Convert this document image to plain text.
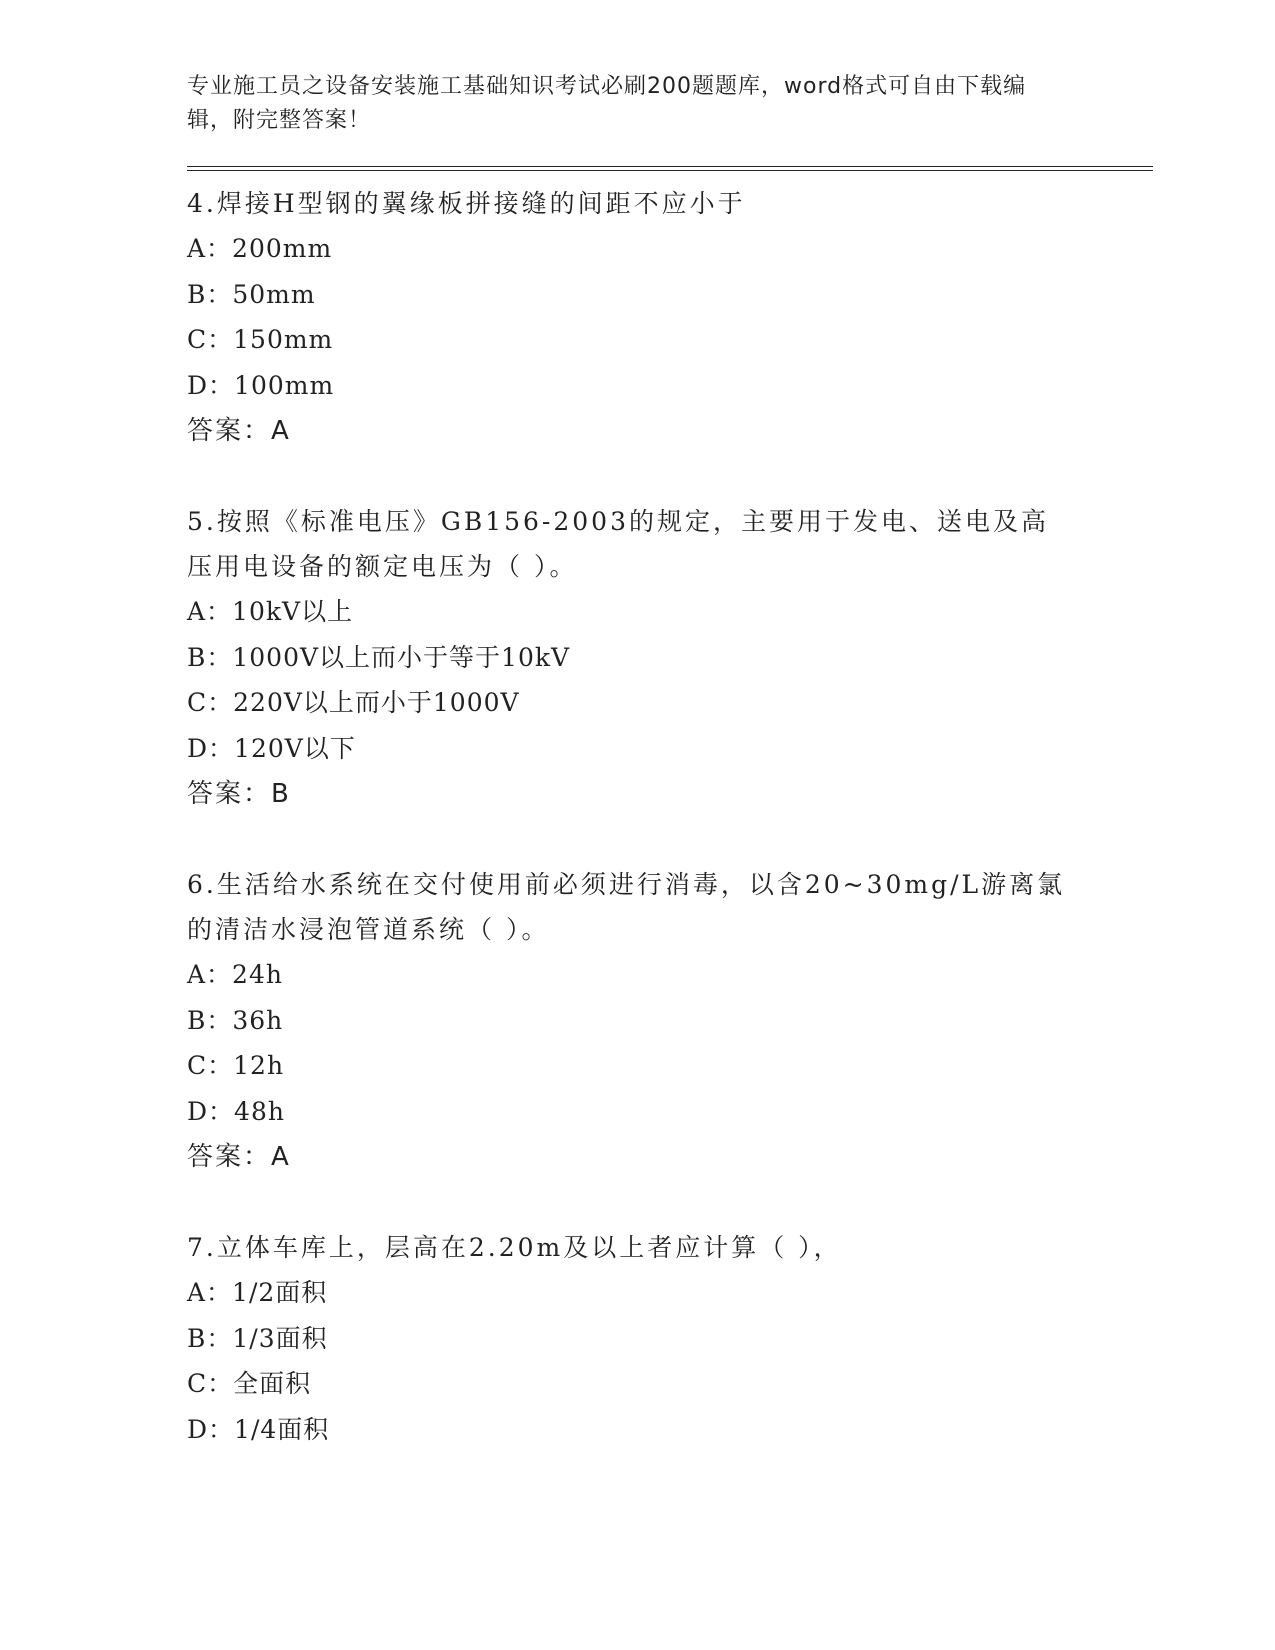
专业施工员之设备安装施工基础知识考试必刷200题题库，word格式可自由下载编辑，附完整答案！

4.焊接H型钢的翼缘板拼接缝的间距不应小于

A：200mm

B：50mm

C：150mm

D：100mm

答案：A

5.按照《标准电压》GB156-2003的规定，主要用于发电、送电及高压用电设备的额定电压为（ ）。

A：10kV以上

B：1000V以上而小于等于10kV

C：220V以上而小于1000V

D：120V以下

答案：B

6.生活给水系统在交付使用前必须进行消毒，以含20~30mg/L游离氯的清洁水浸泡管道系统（ ）。

A：24h

B：36h

C：12h

D：48h

答案：A

7.立体车库上，层高在2.20m及以上者应计算（ ），

A：1/2面积

B：1/3面积

C：全面积

D：1/4面积
